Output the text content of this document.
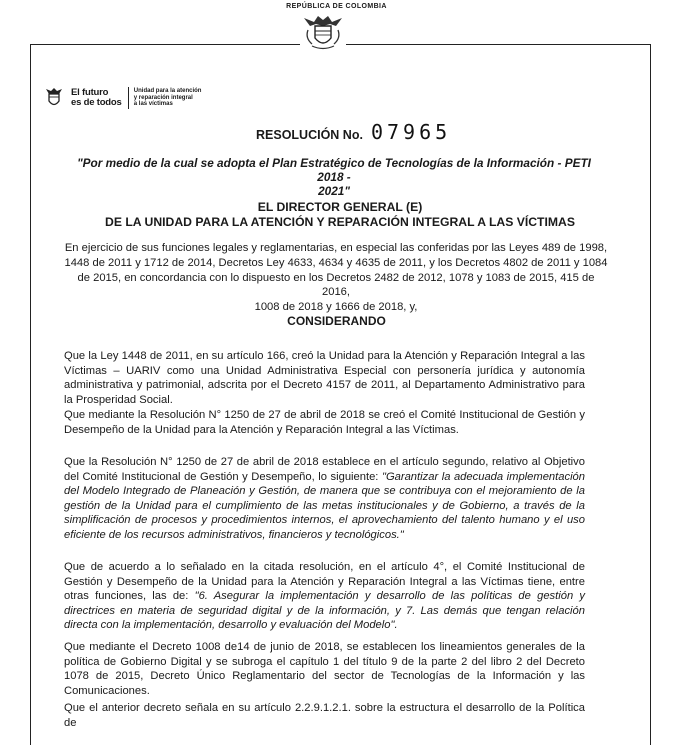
REPÚBLICA DE COLOMBIA
El futuro
es de todos
Unidad para la atención
y reparación integral
a las víctimas
RESOLUCIÓN No. 07965
"Por medio de la cual se adopta el Plan Estratégico de Tecnologías de la Información - PETI 2018 -
2021"
EL DIRECTOR GENERAL (E)
DE LA UNIDAD PARA LA ATENCIÓN Y REPARACIÓN INTEGRAL A LAS VÍCTIMAS
En ejercicio de sus funciones legales y reglamentarias, en especial las conferidas por las Leyes 489 de 1998,
1448 de 2011 y 1712 de 2014, Decretos Ley 4633, 4634 y 4635 de 2011, y los Decretos 4802 de 2011 y 1084
de 2015, en concordancia con lo dispuesto en los Decretos 2482 de 2012, 1078 y 1083 de 2015, 415 de 2016,
1008 de 2018 y 1666 de 2018, y,
CONSIDERANDO

Que la Ley 1448 de 2011, en su artículo 166, creó la Unidad para la Atención y Reparación Integral a las Víctimas – UARIV como una Unidad Administrativa Especial con personería jurídica y autonomía administrativa y patrimonial, adscrita por el Decreto 4157 de 2011, al Departamento Administrativo para la Prosperidad Social.

Que mediante la Resolución N° 1250 de 27 de abril de 2018 se creó el Comité Institucional de Gestión y Desempeño de la Unidad para la Atención y Reparación Integral a las Víctimas.

Que la Resolución N° 1250 de 27 de abril de 2018 establece en el artículo segundo, relativo al Objetivo del Comité Institucional de Gestión y Desempeño, lo siguiente: "Garantizar la adecuada implementación del Modelo Integrado de Planeación y Gestión, de manera que se contribuya con el mejoramiento de la gestión de la Unidad para el cumplimiento de las metas institucionales y de Gobierno, a través de la simplificación de procesos y procedimientos internos, el aprovechamiento del talento humano y el uso eficiente de los recursos administrativos, financieros y tecnológicos."

Que de acuerdo a lo señalado en la citada resolución, en el artículo 4°, el Comité Institucional de Gestión y Desempeño de la Unidad para la Atención y Reparación Integral a las Víctimas tiene, entre otras funciones, las de: "6. Asegurar la implementación y desarrollo de las políticas de gestión y directrices en materia de seguridad digital y de la información, y 7. Las demás que tengan relación directa con la implementación, desarrollo y evaluación del Modelo".

Que mediante el Decreto 1008 de14 de junio de 2018, se establecen los lineamientos generales de la política de Gobierno Digital y se subroga el capítulo 1 del título 9 de la parte 2 del libro 2 del Decreto 1078 de 2015, Decreto Único Reglamentario del sector de Tecnologías de la Información y las Comunicaciones.

Que el anterior decreto señala en su artículo 2.2.9.1.2.1. sobre la estructura el desarrollo de la Política de
